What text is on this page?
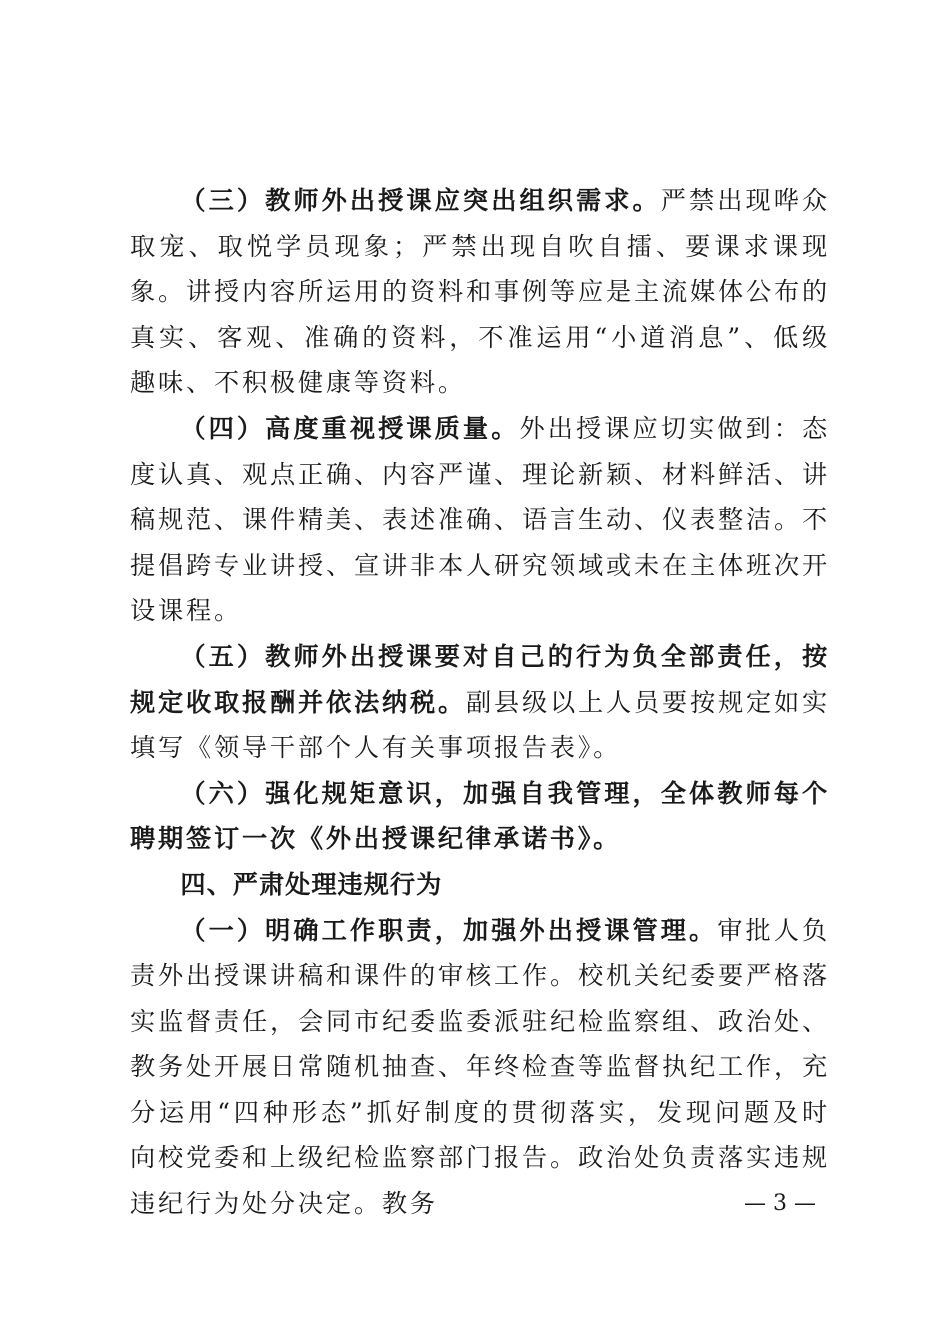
（三）教师外出授课应突出组织需求。严禁出现哗众取宠、取悦学员现象；严禁出现自吹自擂、要课求课现象。讲授内容所运用的资料和事例等应是主流媒体公布的真实、客观、准确的资料，不准运用“小道消息”、低级趣味、不积极健康等资料。

（四）高度重视授课质量。外出授课应切实做到：态度认真、观点正确、内容严谨、理论新颖、材料鲜活、讲稿规范、课件精美、表述准确、语言生动、仪表整洁。不提倡跨专业讲授、宣讲非本人研究领域或未在主体班次开设课程。

（五）教师外出授课要对自己的行为负全部责任，按规定收取报酬并依法纳税。副县级以上人员要按规定如实填写《领导干部个人有关事项报告表》。

（六）强化规矩意识，加强自我管理，全体教师每个聘期签订一次《外出授课纪律承诺书》。

四、严肃处理违规行为

（一）明确工作职责，加强外出授课管理。审批人负责外出授课讲稿和课件的审核工作。校机关纪委要严格落实监督责任，会同市纪委监委派驻纪检监察组、政治处、教务处开展日常随机抽查、年终检查等监督执纪工作，充分运用“四种形态”抓好制度的贯彻落实，发现问题及时向校党委和上级纪检监察部门报告。政治处负责落实违规违纪行为处分决定。教务	— 3 —
